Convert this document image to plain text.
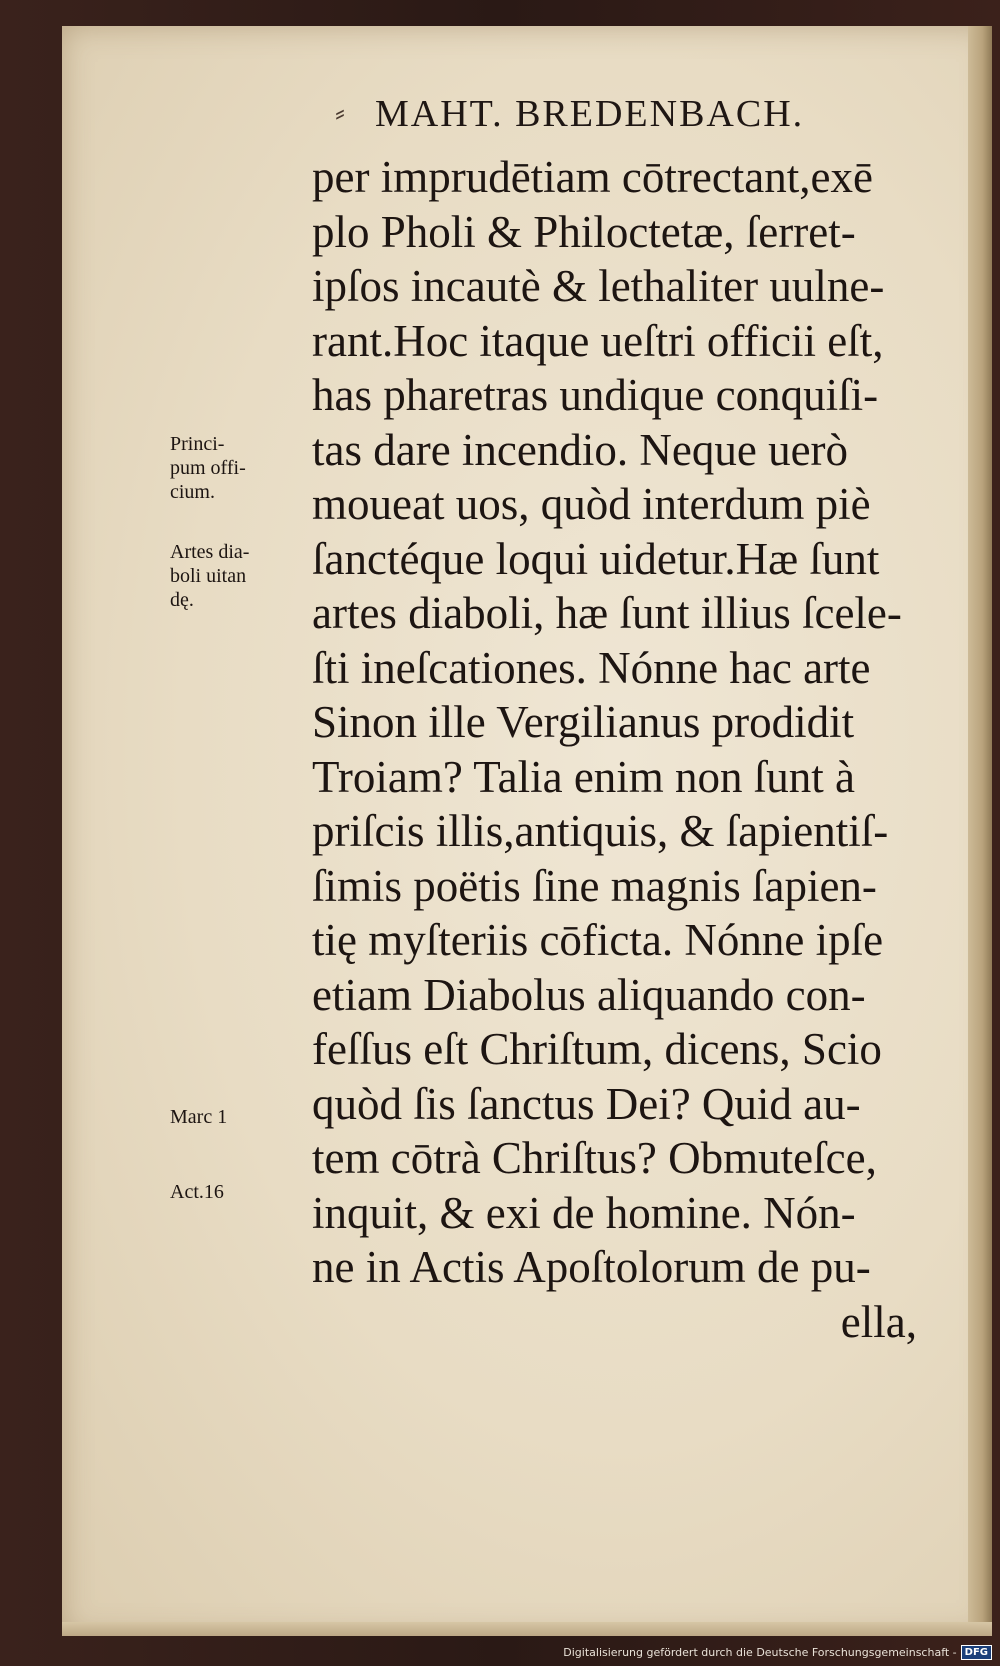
⸗ MAHT. BREDENBACH.
per imprudētiam cōtrectant,exē
plo Pholi & Philoctetæ, ſerret-
ipſos incautè & lethaliter uulne-
rant.Hoc itaque ueſtri officii eſt,
has pharetras undique conquiſi-
tas dare incendio. Neque uerò
moueat uos, quòd interdum piè
ſanctéque loqui uidetur.Hæ ſunt
artes diaboli, hæ ſunt illius ſcele-
ſti ineſcationes. Nónne hac arte
Sinon ille Vergilianus prodidit
Troiam? Talia enim non ſunt à
priſcis illis,antiquis, & ſapientiſ-
ſimis poëtis ſine magnis ſapien-
tię myſteriis cōficta. Nónne ipſe
etiam Diabolus aliquando con-
feſſus eſt Chriſtum, dicens, Scio
quòd ſis ſanctus Dei? Quid au-
tem cōtrà Chriſtus? Obmuteſce,
inquit, & exi de homine. Nón-
ne in Actis Apoſtolorum de pu-
ella,
Princi-
pum offi-
cium.
Artes dia-
boli uitan
dę.
Marc 1
Act.16
Digitalisierung gefördert durch die Deutsche Forschungsgemeinschaft - DFG
